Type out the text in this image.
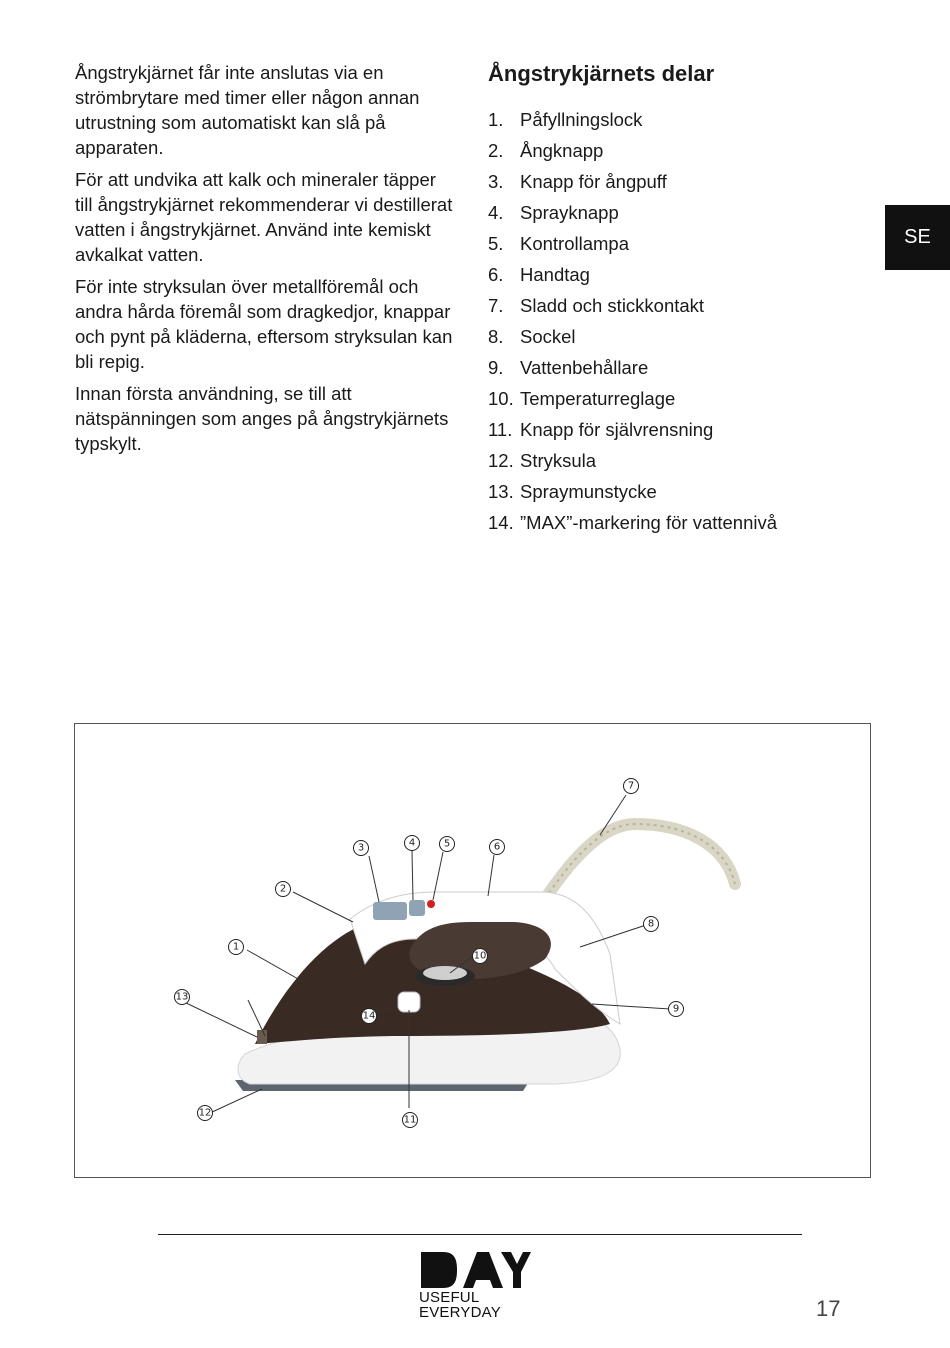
Ångstrykjärnet får inte anslutas via en strömbrytare med timer eller någon annan utrustning som automatiskt kan slå på apparaten.

För att undvika att kalk och mineraler täpper till ångstrykjärnet rekommenderar vi destillerat vatten i ångstrykjärnet. Använd inte kemiskt avkalkat vatten.

För inte stryksulan över metallföremål och andra hårda föremål som dragkedjor, knappar och pynt på kläderna, eftersom stryksulan kan bli repig.

Innan första användning, se till att nätspänningen som anges på ångstrykjärnets typskylt.

Ångstrykjärnets delar
1. Påfyllningslock
2. Ångknapp
3. Knapp för ångpuff
4. Sprayknapp
5. Kontrollampa
6. Handtag
7. Sladd och stickkontakt
8. Sockel
9. Vattenbehållare
10. Temperaturreglage
11. Knapp för självrensning
12. Stryksula
13. Spraymunstycke
14. ”MAX”-markering för vattennivå
SE
1
2
3	4	5	6
7
8
9
10
11
12
13
14
USEFUL
EVERYDAY	17
